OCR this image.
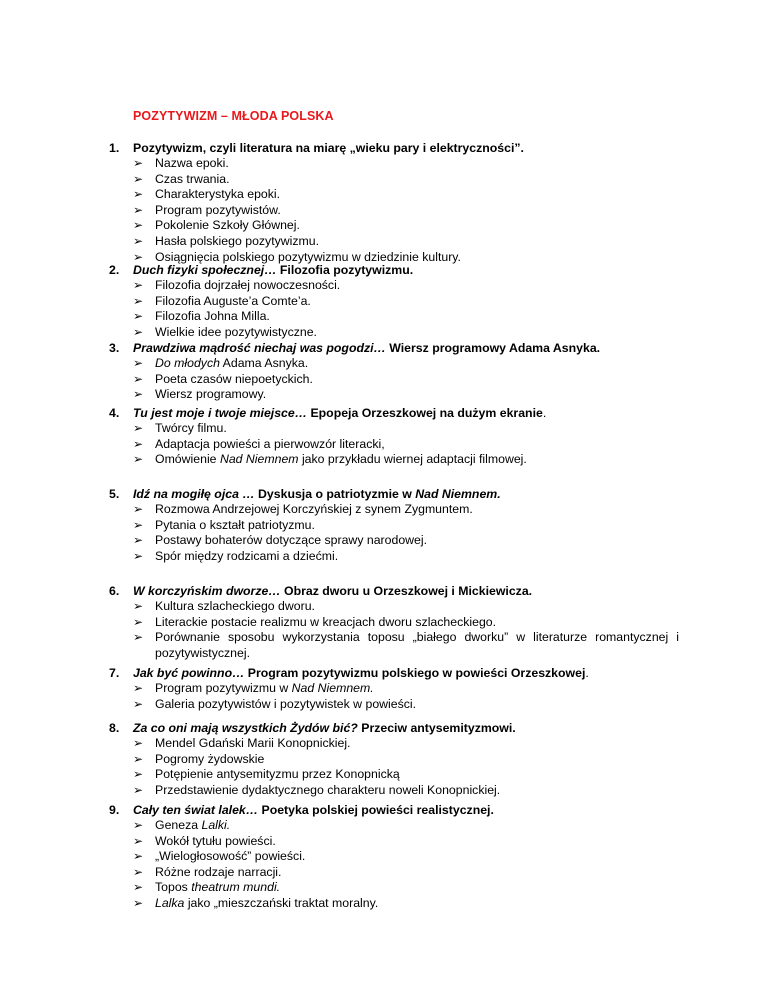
POZYTYWIZM – MŁODA POLSKA
1.	Pozytywizm, czyli literatura na miarę „wieku pary i elektryczności”.
➢ Nazwa epoki.
➢ Czas trwania.
➢ Charakterystyka epoki.
➢ Program pozytywistów.
➢ Pokolenie Szkoły Głównej.
➢ Hasła polskiego pozytywizmu.
➢ Osiągnięcia polskiego pozytywizmu w dziedzinie kultury.
2.	Duch fizyki społecznej… Filozofia pozytywizmu.
➢ Filozofia dojrzałej nowoczesności.
➢ Filozofia Auguste’a Comte’a.
➢ Filozofia Johna Milla.
➢ Wielkie idee pozytywistyczne.
3.	Prawdziwa mądrość niechaj was pogodzi… Wiersz programowy Adama Asnyka.
➢ Do młodych Adama Asnyka.
➢ Poeta czasów niepoetyckich.
➢ Wiersz programowy.
4.	Tu jest moje i twoje miejsce… Epopeja Orzeszkowej na dużym ekranie.
➢ Twórcy filmu.
➢ Adaptacja powieści a pierwowzór literacki,
➢ Omówienie Nad Niemnem jako przykładu wiernej adaptacji filmowej.
5.	Idź na mogiłę ojca … Dyskusja o patriotyzmie w Nad Niemnem.
➢ Rozmowa Andrzejowej Korczyńskiej z synem Zygmuntem.
➢ Pytania o kształt patriotyzmu.
➢ Postawy bohaterów dotyczące sprawy narodowej.
➢ Spór między rodzicami a dziećmi.
6.	W korczyńskim dworze… Obraz dworu u Orzeszkowej i Mickiewicza.
➢ Kultura szlacheckiego dworu.
➢ Literackie postacie realizmu w kreacjach dworu szlacheckiego.
➢ Porównanie sposobu wykorzystania toposu „białego dworku” w literaturze romantycznej i pozytywistycznej.
7.	Jak być powinno… Program pozytywizmu polskiego w powieści Orzeszkowej.
➢ Program pozytywizmu w Nad Niemnem.
➢ Galeria pozytywistów i pozytywistek w powieści.
8.	Za co oni mają wszystkich Żydów bić? Przeciw antysemityzmowi.
➢ Mendel Gdański Marii Konopnickiej.
➢ Pogromy żydowskie
➢ Potępienie antysemityzmu przez Konopnicką
➢ Przedstawienie dydaktycznego charakteru noweli Konopnickiej.
9.	Cały ten świat lalek… Poetyka polskiej powieści realistycznej.
➢ Geneza Lalki.
➢ Wokół tytułu powieści.
➢ „Wielogłosowość” powieści.
➢ Różne rodzaje narracji.
➢ Topos theatrum mundi.
➢ Lalka jako „mieszczański traktat moralny.
